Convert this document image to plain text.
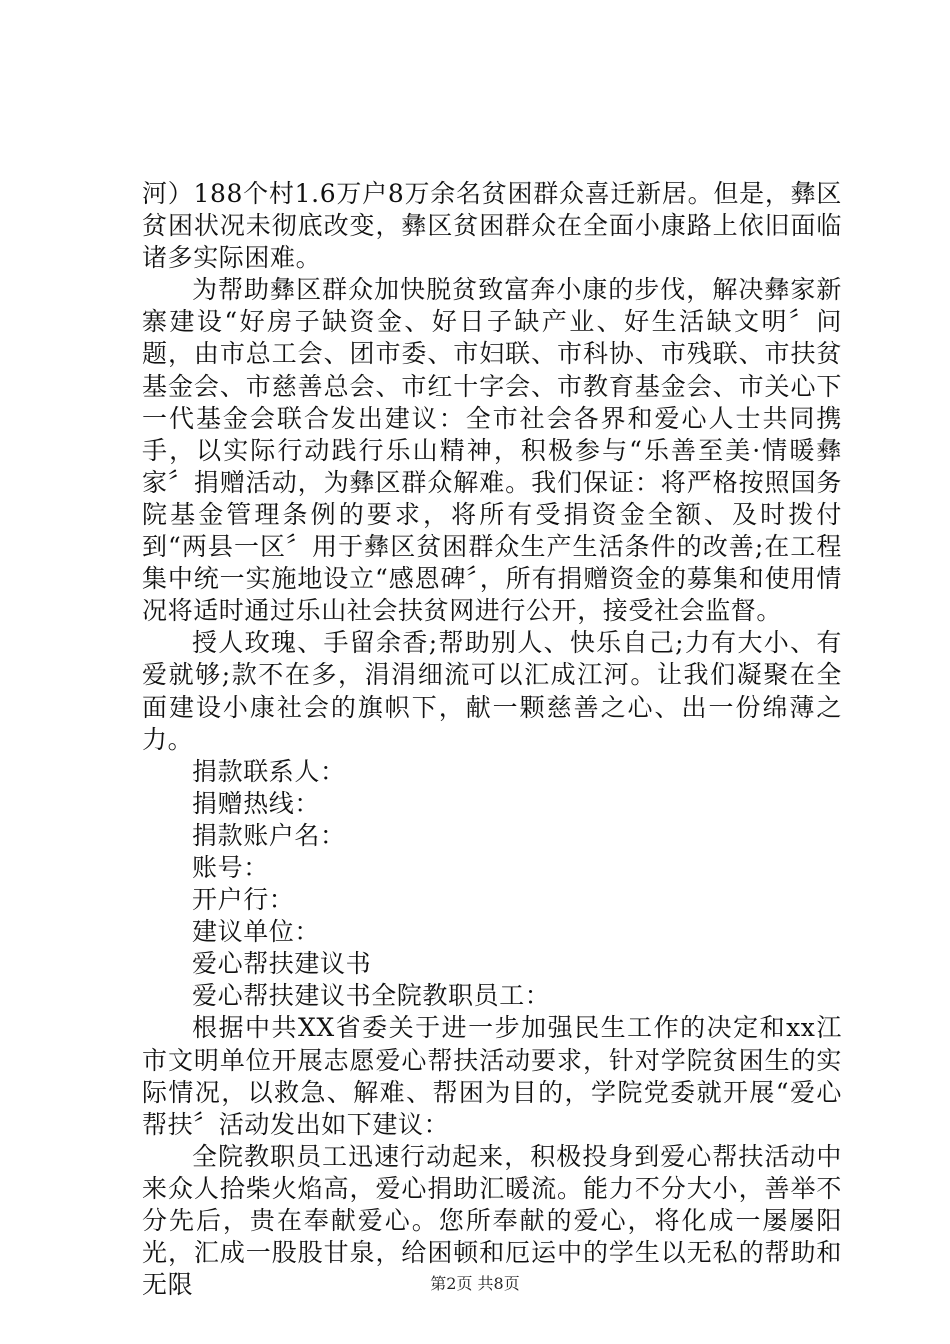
河）188个村1.6万户8万余名贫困群众喜迁新居。但是，彝区贫困状况未彻底改变，彝区贫困群众在全面小康路上依旧面临诸多实际困难。

为帮助彝区群众加快脱贫致富奔小康的步伐，解决彝家新寨建设“好房子缺资金、好日子缺产业、好生活缺文明〞问题，由市总工会、团市委、市妇联、市科协、市残联、市扶贫基金会、市慈善总会、市红十字会、市教育基金会、市关心下一代基金会联合发出建议：全市社会各界和爱心人士共同携手，以实际行动践行乐山精神，积极参与“乐善至美·情暖彝家〞捐赠活动，为彝区群众解难。我们保证：将严格按照国务院基金管理条例的要求，将所有受捐资金全额、及时拨付到“两县一区〞用于彝区贫困群众生产生活条件的改善;在工程集中统一实施地设立“感恩碑〞，所有捐赠资金的募集和使用情况将适时通过乐山社会扶贫网进行公开，接受社会监督。

授人玫瑰、手留余香;帮助别人、快乐自己;力有大小、有爱就够;款不在多，涓涓细流可以汇成江河。让我们凝聚在全面建设小康社会的旗帜下，献一颗慈善之心、出一份绵薄之力。

捐款联系人：

捐赠热线：

捐款账户名：

账号：

开户行：

建议单位：

爱心帮扶建议书

爱心帮扶建议书全院教职员工：

根据中共XX省委关于进一步加强民生工作的决定和xx江市文明单位开展志愿爱心帮扶活动要求，针对学院贫困生的实际情况，以救急、解难、帮困为目的，学院党委就开展“爱心帮扶〞活动发出如下建议：

全院教职员工迅速行动起来，积极投身到爱心帮扶活动中来众人拾柴火焰高，爱心捐助汇暖流。能力不分大小，善举不分先后，贵在奉献爱心。您所奉献的爱心，将化成一屡屡阳光，汇成一股股甘泉，给困顿和厄运中的学生以无私的帮助和无限	第2页 共8页
